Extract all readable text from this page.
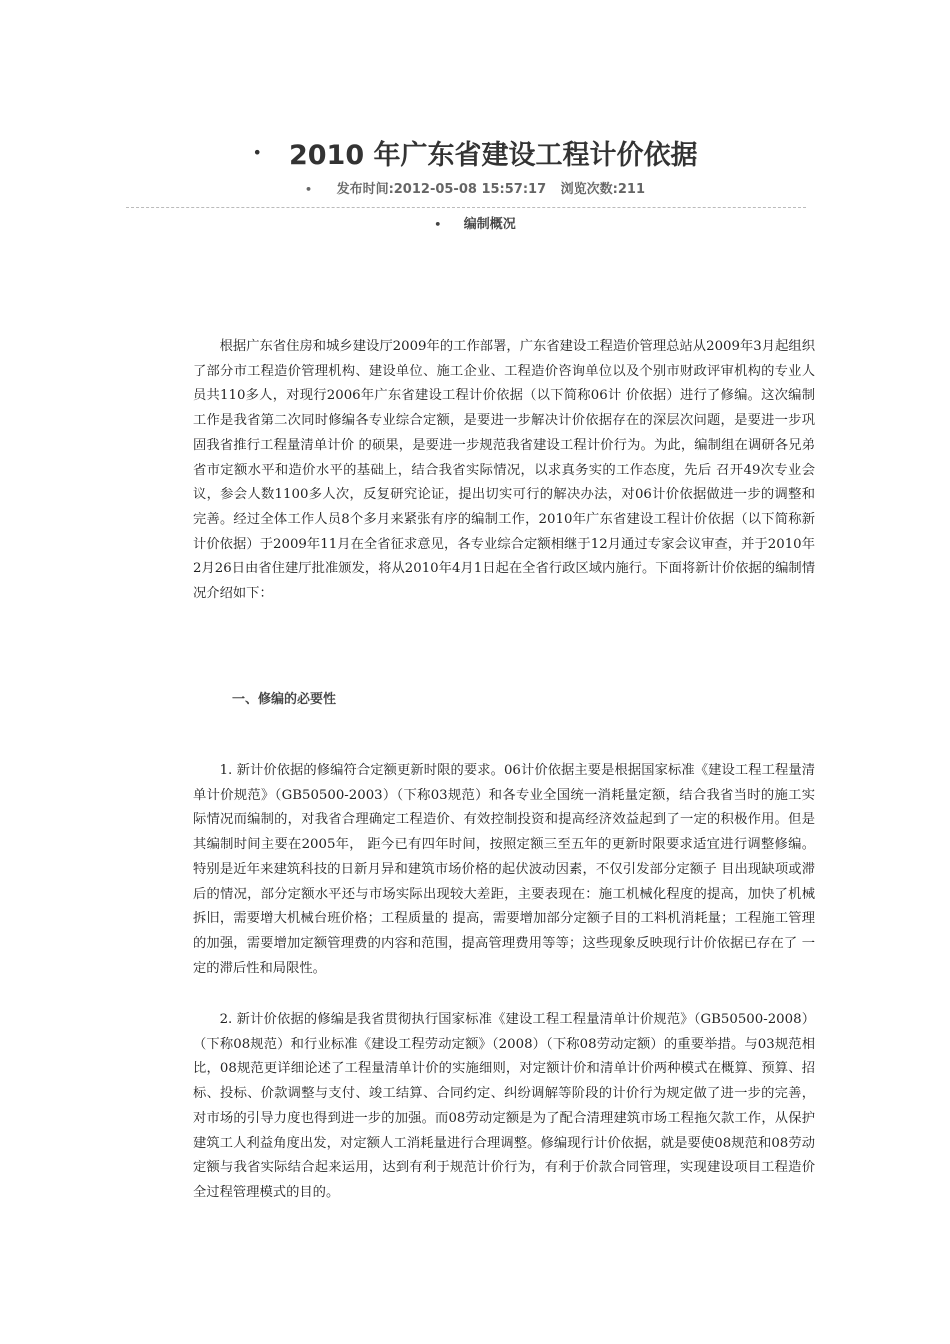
• 2010 年广东省建设工程计价依据
• 发布时间:2012-05-08 15:57:17 浏览次数:211
• 编制概况

根据广东省住房和城乡建设厅2009年的工作部署，广东省建设工程造价管理总站从2009年3月起组织了部分市工程造价管理机构、建设单位、施工企业、工程造价咨询单位以及个别市财政评审机构的专业人员共110多人，对现行2006年广东省建设工程计价依据（以下简称06计 价依据）进行了修编。这次编制工作是我省第二次同时修编各专业综合定额，是要进一步解决计价依据存在的深层次问题，是要进一步巩固我省推行工程量清单计价 的硕果，是要进一步规范我省建设工程计价行为。为此，编制组在调研各兄弟省市定额水平和造价水平的基础上，结合我省实际情况，以求真务实的工作态度，先后 召开49次专业会议，参会人数1100多人次，反复研究论证，提出切实可行的解决办法，对06计价依据做进一步的调整和完善。经过全体工作人员8个多月来紧张有序的编制工作，2010年广东省建设工程计价依据（以下简称新计价依据）于2009年11月在全省征求意见，各专业综合定额相继于12月通过专家会议审查，并于2010年2月26日由省住建厅批准颁发，将从2010年4月1日起在全省行政区域内施行。下面将新计价依据的编制情况介绍如下：

一、修编的必要性

1. 新计价依据的修编符合定额更新时限的要求。06计价依据主要是根据国家标准《建设工程工程量清单计价规范》（GB50500-2003）（下称03规范）和各专业全国统一消耗量定额，结合我省当时的施工实际情况而编制的，对我省合理确定工程造价、有效控制投资和提高经济效益起到了一定的积极作用。但是其编制时间主要在2005年， 距今已有四年时间，按照定额三至五年的更新时限要求适宜进行调整修编。特别是近年来建筑科技的日新月异和建筑市场价格的起伏波动因素，不仅引发部分定额子 目出现缺项或滞后的情况，部分定额水平还与市场实际出现较大差距，主要表现在：施工机械化程度的提高，加快了机械拆旧，需要增大机械台班价格；工程质量的 提高，需要增加部分定额子目的工料机消耗量；工程施工管理的加强，需要增加定额管理费的内容和范围，提高管理费用等等；这些现象反映现行计价依据已存在了 一定的滞后性和局限性。

2. 新计价依据的修编是我省贯彻执行国家标准《建设工程工程量清单计价规范》（GB50500-2008）（下称08规范）和行业标准《建设工程劳动定额》（2008）（下称08劳动定额）的重要举措。与03规范相比，08规范更详细论述了工程量清单计价的实施细则，对定额计价和清单计价两种模式在概算、预算、招标、投标、价款调整与支付、竣工结算、合同约定、纠纷调解等阶段的计价行为规定做了进一步的完善，对市场的引导力度也得到进一步的加强。而08劳动定额是为了配合清理建筑市场工程拖欠款工作，从保护建筑工人利益角度出发，对定额人工消耗量进行合理调整。修编现行计价依据，就是要使08规范和08劳动定额与我省实际结合起来运用，达到有利于规范计价行为，有利于价款合同管理，实现建设项目工程造价全过程管理模式的目的。
